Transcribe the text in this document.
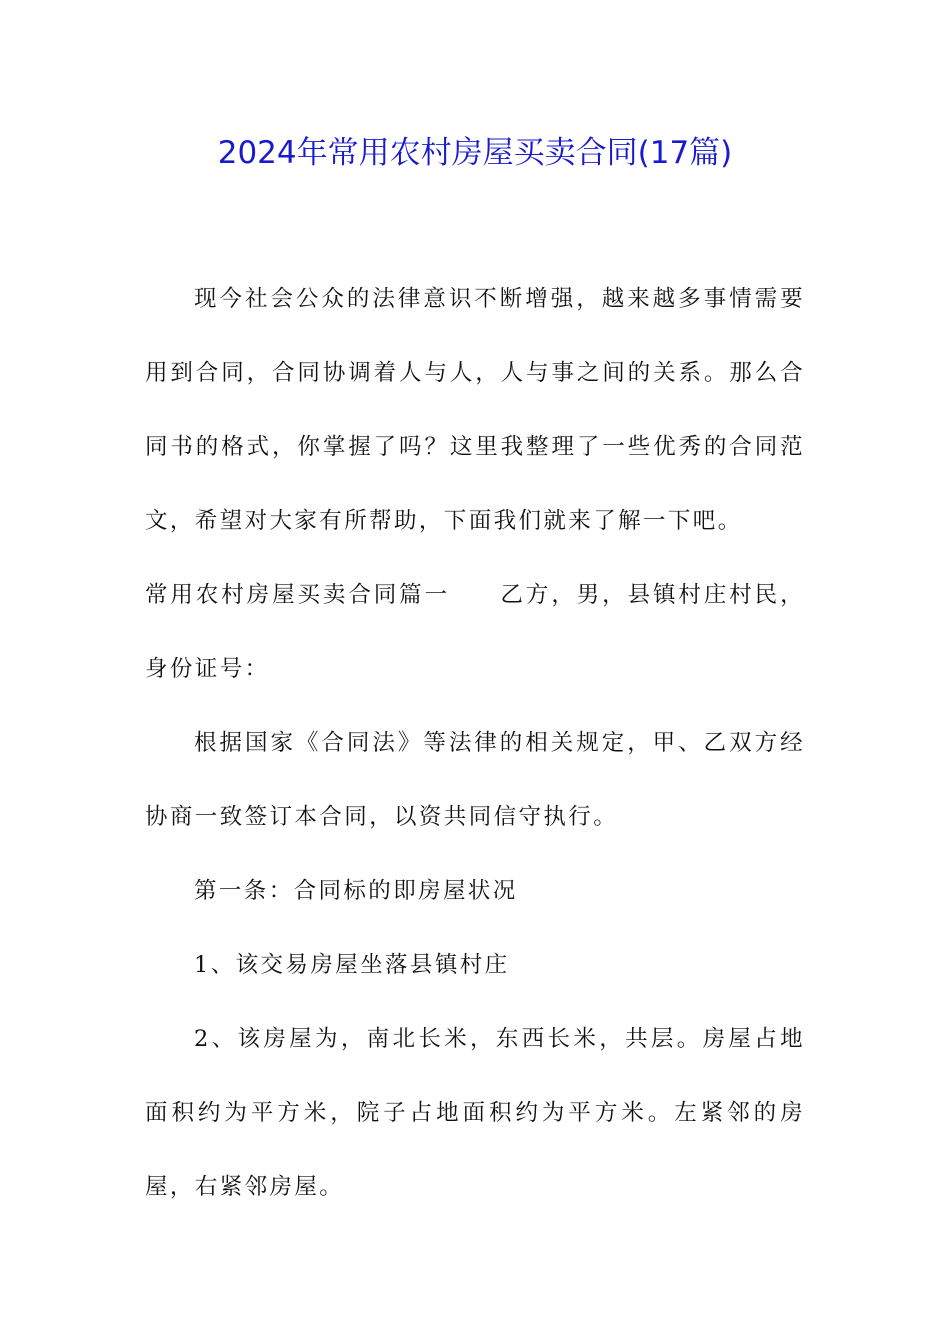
2024年常用农村房屋买卖合同(17篇)

现今社会公众的法律意识不断增强，越来越多事情需要用到合同，合同协调着人与人，人与事之间的关系。那么合同书的格式，你掌握了吗？这里我整理了一些优秀的合同范文，希望对大家有所帮助，下面我们就来了解一下吧。

常用农村房屋买卖合同篇一 乙方，男，县镇村庄村民，身份证号：

根据国家《合同法》等法律的相关规定，甲、乙双方经协商一致签订本合同，以资共同信守执行。

第一条：合同标的即房屋状况

1、该交易房屋坐落县镇村庄

2、该房屋为，南北长米，东西长米，共层。房屋占地面积约为平方米，院子占地面积约为平方米。左紧邻的房屋，右紧邻房屋。
